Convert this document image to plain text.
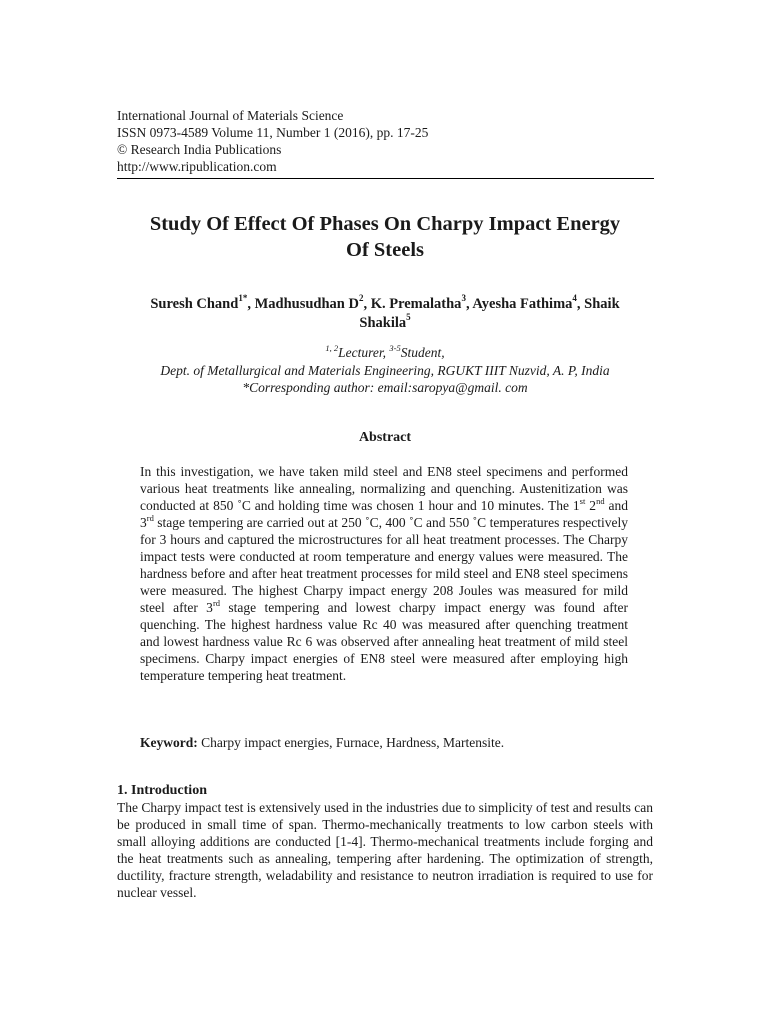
International Journal of Materials Science
ISSN 0973-4589 Volume 11, Number 1 (2016), pp. 17-25
© Research India Publications
http://www.ripublication.com
Study Of Effect Of Phases On Charpy Impact Energy
Of Steels
Suresh Chand$^{1*}$, Madhusudhan $D^2$, K. Premalatha$^3$, Ayesha Fathima$^4$, Shaik
Shakila$^5$
$^{1, 2}$Lecturer, $^{3-5}$Student,
Dept. of Metallurgical and Materials Engineering, RGUKT IIIT Nuzvid, A. P, India
*Corresponding author: email:saropya@gmail. com
Abstract
In this investigation, we have taken mild steel and EN8 steel specimens and performed various heat treatments like annealing, normalizing and quenching. Austenitization was conducted at 850 ˚C and holding time was chosen 1 hour and 10 minutes. The 1st 2nd and 3rd stage tempering are carried out at 250 ˚C, 400 ˚C and 550 ˚C temperatures respectively for 3 hours and captured the microstructures for all heat treatment processes. The Charpy impact tests were conducted at room temperature and energy values were measured. The hardness before and after heat treatment processes for mild steel and EN8 steel specimens were measured. The highest Charpy impact energy 208 Joules was measured for mild steel after 3rd stage tempering and lowest charpy impact energy was found after quenching. The highest hardness value Rc 40 was measured after quenching treatment and lowest hardness value Rc 6 was observed after annealing heat treatment of mild steel specimens. Charpy impact energies of EN8 steel were measured after employing high temperature tempering heat treatment.
Keyword: Charpy impact energies, Furnace, Hardness, Martensite.
1. Introduction
The Charpy impact test is extensively used in the industries due to simplicity of test and results can be produced in small time of span. Thermo-mechanically treatments to low carbon steels with small alloying additions are conducted [1-4]. Thermo-mechanical treatments include forging and the heat treatments such as annealing, tempering after hardening. The optimization of strength, ductility, fracture strength, weladability and resistance to neutron irradiation is required to use for nuclear vessel.
